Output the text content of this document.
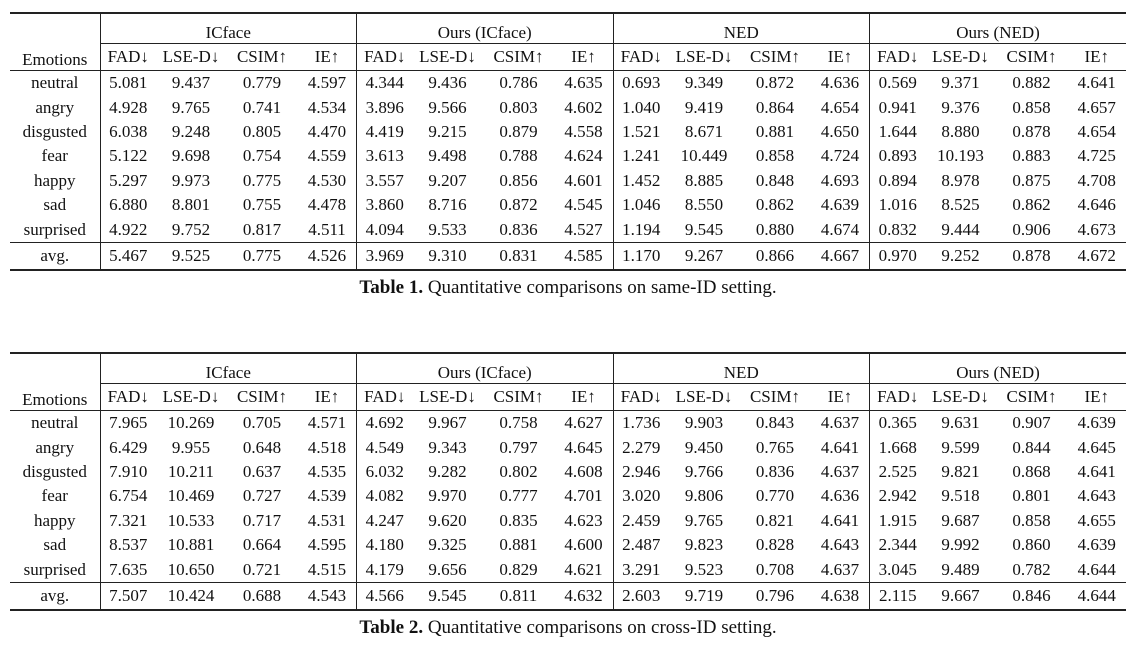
Emotions	ICface				Ours (ICface)				NED				Ours (NED)			
	FAD↓	LSE-D↓	CSIM↑	IE↑	FAD↓	LSE-D↓	CSIM↑	IE↑	FAD↓	LSE-D↓	CSIM↑	IE↑	FAD↓	LSE-D↓	CSIM↑	IE↑
neutral	5.081	9.437	0.779	4.597	4.344	9.436	0.786	4.635	0.693	9.349	0.872	4.636	0.569	9.371	0.882	4.641
angry	4.928	9.765	0.741	4.534	3.896	9.566	0.803	4.602	1.040	9.419	0.864	4.654	0.941	9.376	0.858	4.657
disgusted	6.038	9.248	0.805	4.470	4.419	9.215	0.879	4.558	1.521	8.671	0.881	4.650	1.644	8.880	0.878	4.654
fear	5.122	9.698	0.754	4.559	3.613	9.498	0.788	4.624	1.241	10.449	0.858	4.724	0.893	10.193	0.883	4.725
happy	5.297	9.973	0.775	4.530	3.557	9.207	0.856	4.601	1.452	8.885	0.848	4.693	0.894	8.978	0.875	4.708
sad	6.880	8.801	0.755	4.478	3.860	8.716	0.872	4.545	1.046	8.550	0.862	4.639	1.016	8.525	0.862	4.646
surprised	4.922	9.752	0.817	4.511	4.094	9.533	0.836	4.527	1.194	9.545	0.880	4.674	0.832	9.444	0.906	4.673
avg.	5.467	9.525	0.775	4.526	3.969	9.310	0.831	4.585	1.170	9.267	0.866	4.667	0.970	9.252	0.878	4.672
Table 1. Quantitative comparisons on same-ID setting.
Emotions	ICface				Ours (ICface)				NED				Ours (NED)			
	FAD↓	LSE-D↓	CSIM↑	IE↑	FAD↓	LSE-D↓	CSIM↑	IE↑	FAD↓	LSE-D↓	CSIM↑	IE↑	FAD↓	LSE-D↓	CSIM↑	IE↑
neutral	7.965	10.269	0.705	4.571	4.692	9.967	0.758	4.627	1.736	9.903	0.843	4.637	0.365	9.631	0.907	4.639
angry	6.429	9.955	0.648	4.518	4.549	9.343	0.797	4.645	2.279	9.450	0.765	4.641	1.668	9.599	0.844	4.645
disgusted	7.910	10.211	0.637	4.535	6.032	9.282	0.802	4.608	2.946	9.766	0.836	4.637	2.525	9.821	0.868	4.641
fear	6.754	10.469	0.727	4.539	4.082	9.970	0.777	4.701	3.020	9.806	0.770	4.636	2.942	9.518	0.801	4.643
happy	7.321	10.533	0.717	4.531	4.247	9.620	0.835	4.623	2.459	9.765	0.821	4.641	1.915	9.687	0.858	4.655
sad	8.537	10.881	0.664	4.595	4.180	9.325	0.881	4.600	2.487	9.823	0.828	4.643	2.344	9.992	0.860	4.639
surprised	7.635	10.650	0.721	4.515	4.179	9.656	0.829	4.621	3.291	9.523	0.708	4.637	3.045	9.489	0.782	4.644
avg.	7.507	10.424	0.688	4.543	4.566	9.545	0.811	4.632	2.603	9.719	0.796	4.638	2.115	9.667	0.846	4.644
Table 2. Quantitative comparisons on cross-ID setting.
